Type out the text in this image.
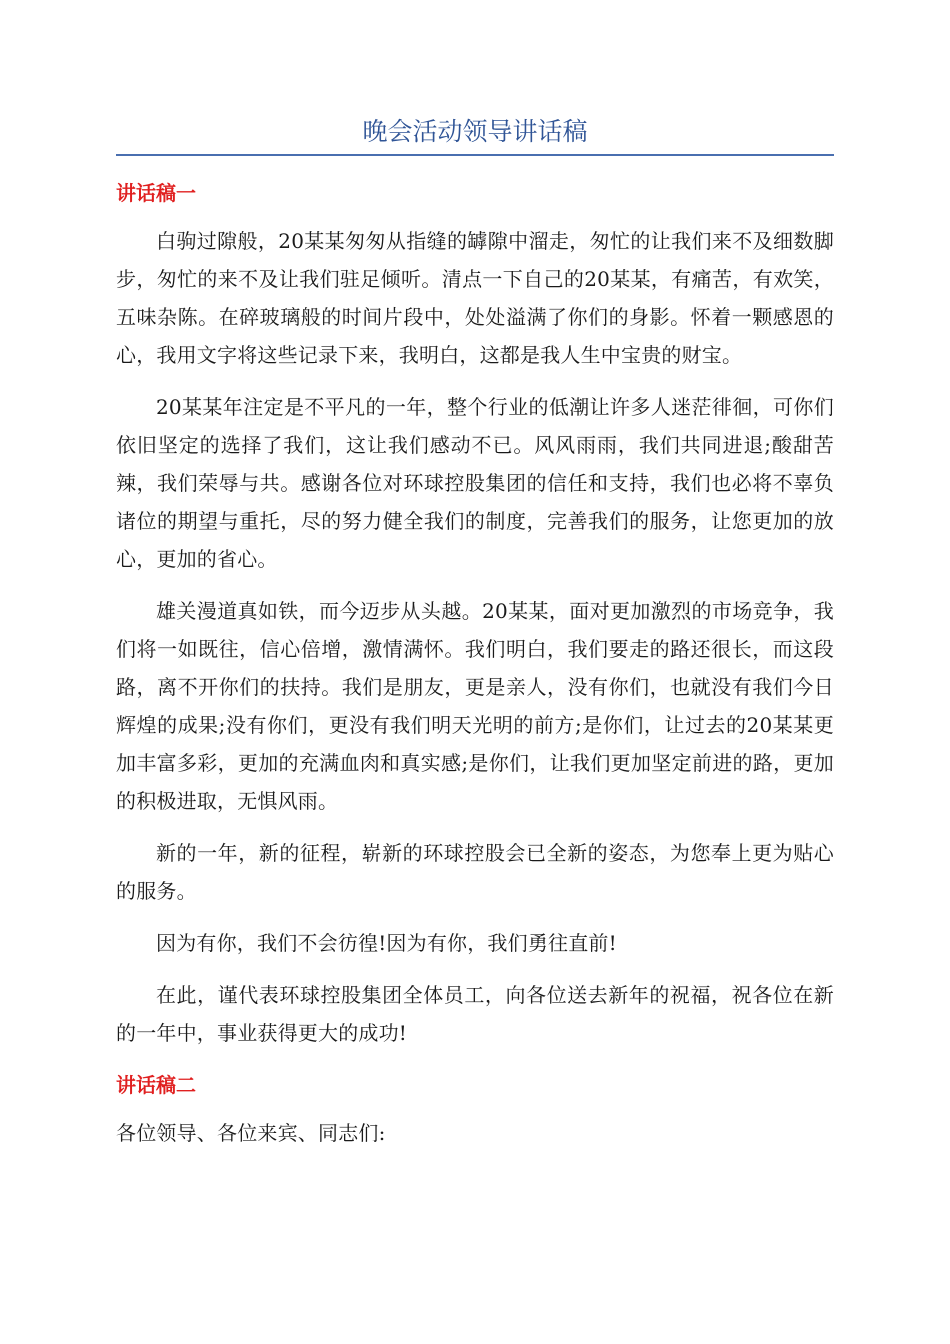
晚会活动领导讲话稿
讲话稿一

白驹过隙般，20某某匆匆从指缝的罅隙中溜走，匆忙的让我们来不及细数脚步，匆忙的来不及让我们驻足倾听。清点一下自己的20某某，有痛苦，有欢笑，五味杂陈。在碎玻璃般的时间片段中，处处溢满了你们的身影。怀着一颗感恩的心，我用文字将这些记录下来，我明白，这都是我人生中宝贵的财宝。

20某某年注定是不平凡的一年，整个行业的低潮让许多人迷茫徘徊，可你们依旧坚定的选择了我们，这让我们感动不已。风风雨雨，我们共同进退;酸甜苦辣，我们荣辱与共。感谢各位对环球控股集团的信任和支持，我们也必将不辜负诸位的期望与重托，尽的努力健全我们的制度，完善我们的服务，让您更加的放心，更加的省心。

雄关漫道真如铁，而今迈步从头越。20某某，面对更加激烈的市场竞争，我们将一如既往，信心倍增，激情满怀。我们明白，我们要走的路还很长，而这段路，离不开你们的扶持。我们是朋友，更是亲人，没有你们，也就没有我们今日辉煌的成果;没有你们，更没有我们明天光明的前方;是你们，让过去的20某某更加丰富多彩，更加的充满血肉和真实感;是你们，让我们更加坚定前进的路，更加的积极进取，无惧风雨。

新的一年，新的征程，崭新的环球控股会已全新的姿态，为您奉上更为贴心的服务。

因为有你，我们不会彷徨!因为有你，我们勇往直前!

在此，谨代表环球控股集团全体员工，向各位送去新年的祝福，祝各位在新的一年中，事业获得更大的成功!

讲话稿二

各位领导、各位来宾、同志们:
